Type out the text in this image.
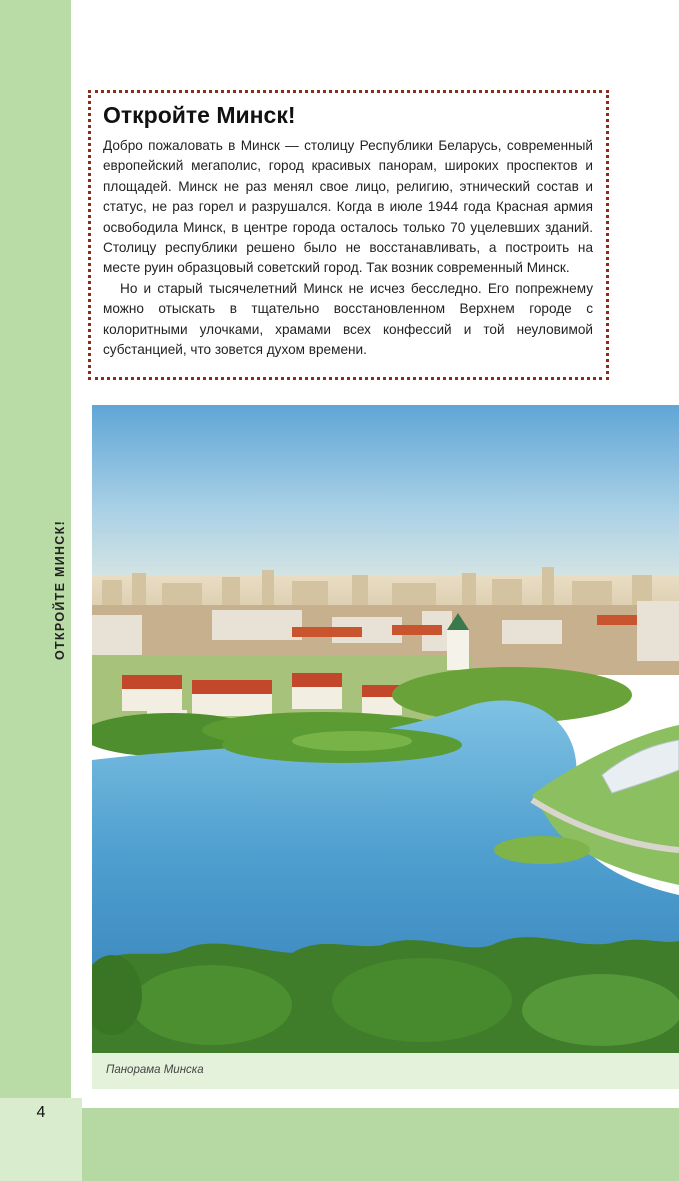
ОТКРОЙТЕ МИНСК!
Откройте Минск!

Добро пожаловать в Минск — столицу Республики Беларусь, современный европейский мегаполис, город красивых панорам, широких проспектов и площадей. Минск не раз менял свое лицо, религию, этнический состав и статус, не раз горел и разрушался. Когда в июле 1944 года Красная армия освободила Минск, в центре города осталось только 70 уцелевших зданий. Столицу республики решено было не восстанавливать, а построить на месте руин образцовый советский город. Так возник современный Минск.

Но и старый тысячелетний Минск не исчез бесследно. Его попрежнему можно отыскать в тщательно восстановленном Верхнем городе с колоритными улочками, храмами всех конфессий и той неуловимой субстанцией, что зовется духом времени.

Панорама Минска
4
